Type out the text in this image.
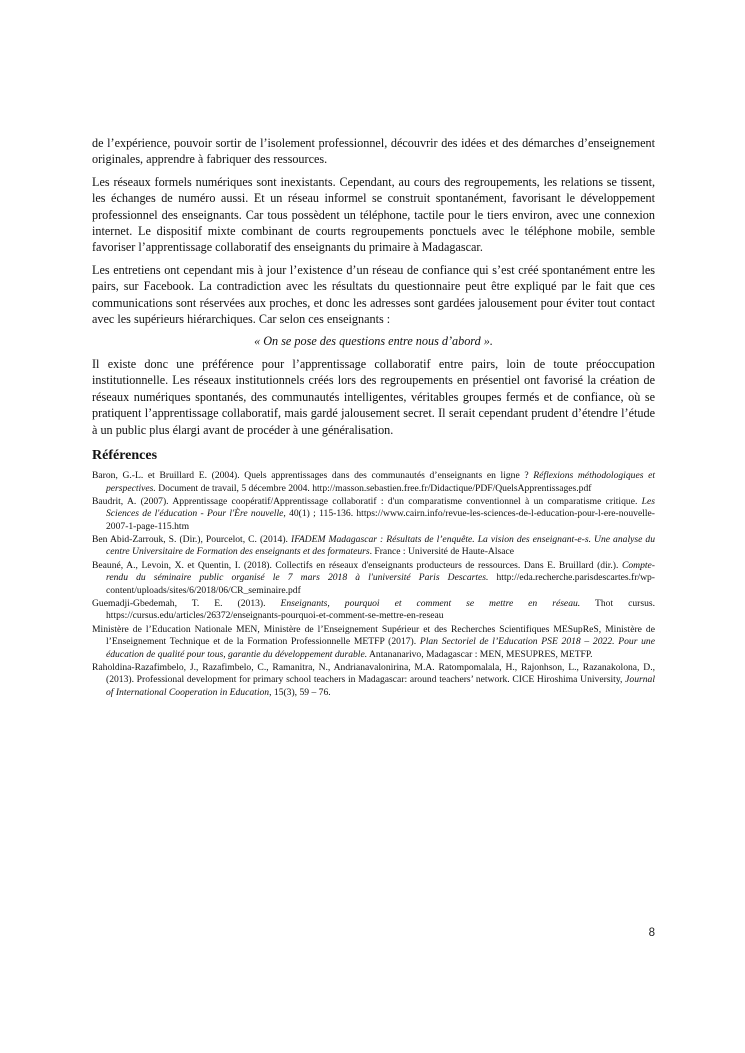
de l’expérience, pouvoir sortir de l’isolement professionnel, découvrir des idées et des démarches d’enseignement originales, apprendre à fabriquer des ressources.

Les réseaux formels numériques sont inexistants. Cependant, au cours des regroupements, les relations se tissent, les échanges de numéro aussi. Et un réseau informel se construit spontanément, favorisant le développement professionnel des enseignants. Car tous possèdent un téléphone, tactile pour le tiers environ, avec une connexion internet. Le dispositif mixte combinant de courts regroupements ponctuels avec le téléphone mobile, semble favoriser l’apprentissage collaboratif des enseignants du primaire à Madagascar.

Les entretiens ont cependant mis à jour l’existence d’un réseau de confiance qui s’est créé spontanément entre les pairs, sur Facebook. La contradiction avec les résultats du questionnaire peut être expliqué par le fait que ces communications sont réservées aux proches, et donc les adresses sont gardées jalousement pour éviter tout contact avec les supérieurs hiérarchiques. Car selon ces enseignants :

« On se pose des questions entre nous d’abord ».

Il existe donc une préférence pour l’apprentissage collaboratif entre pairs, loin de toute préoccupation institutionnelle. Les réseaux institutionnels créés lors des regroupements en présentiel ont favorisé la création de réseaux numériques spontanés, des communautés intelligentes, véritables groupes fermés et de confiance, où se pratiquent l’apprentissage collaboratif, mais gardé jalousement secret. Il serait cependant prudent d’étendre l’étude à un public plus élargi avant de procéder à une généralisation.

Références

Baron, G.-L. et Bruillard E. (2004). Quels apprentissages dans des communautés d’enseignants en ligne ? Réflexions méthodologiques et perspectives. Document de travail, 5 décembre 2004. http://masson.sebastien.free.fr/Didactique/PDF/QuelsApprentissages.pdf

Baudrit, A. (2007). Apprentissage coopératif/Apprentissage collaboratif : d'un comparatisme conventionnel à un comparatisme critique. Les Sciences de l'éducation - Pour l'Ère nouvelle, 40(1) ; 115-136. https://www.cairn.info/revue-les-sciences-de-l-education-pour-l-ere-nouvelle-2007-1-page-115.htm

Ben Abid-Zarrouk, S. (Dir.), Pourcelot, C. (2014). IFADEM Madagascar : Résultats de l’enquête. La vision des enseignant-e-s. Une analyse du centre Universitaire de Formation des enseignants et des formateurs. France : Université de Haute-Alsace

Beauné, A., Levoin, X. et Quentin, I. (2018). Collectifs en réseaux d'enseignants producteurs de ressources. Dans E. Bruillard (dir.). Compte-rendu du séminaire public organisé le 7 mars 2018 à l'université Paris Descartes. http://eda.recherche.parisdescartes.fr/wp-content/uploads/sites/6/2018/06/CR_seminaire.pdf

Guemadji-Gbedemah, T. E. (2013). Enseignants, pourquoi et comment se mettre en réseau. Thot cursus. https://cursus.edu/articles/26372/enseignants-pourquoi-et-comment-se-mettre-en-reseau

Ministère de l’Education Nationale MEN, Ministère de l’Enseignement Supérieur et des Recherches Scientifiques MESupReS, Ministère de l’Enseignement Technique et de la Formation Professionnelle METFP (2017). Plan Sectoriel de l’Education PSE 2018 – 2022. Pour une éducation de qualité pour tous, garantie du développement durable. Antananarivo, Madagascar : MEN, MESUPRES, METFP.

Raholdina-Razafimbelo, J., Razafimbelo, C., Ramanitra, N., Andrianavalonirina, M.A. Ratompomalala, H., Rajonhson, L., Razanakolona, D., (2013). Professional development for primary school teachers in Madagascar: around teachers’ network. CICE Hiroshima University, Journal of International Cooperation in Education, 15(3), 59 – 76.

8
